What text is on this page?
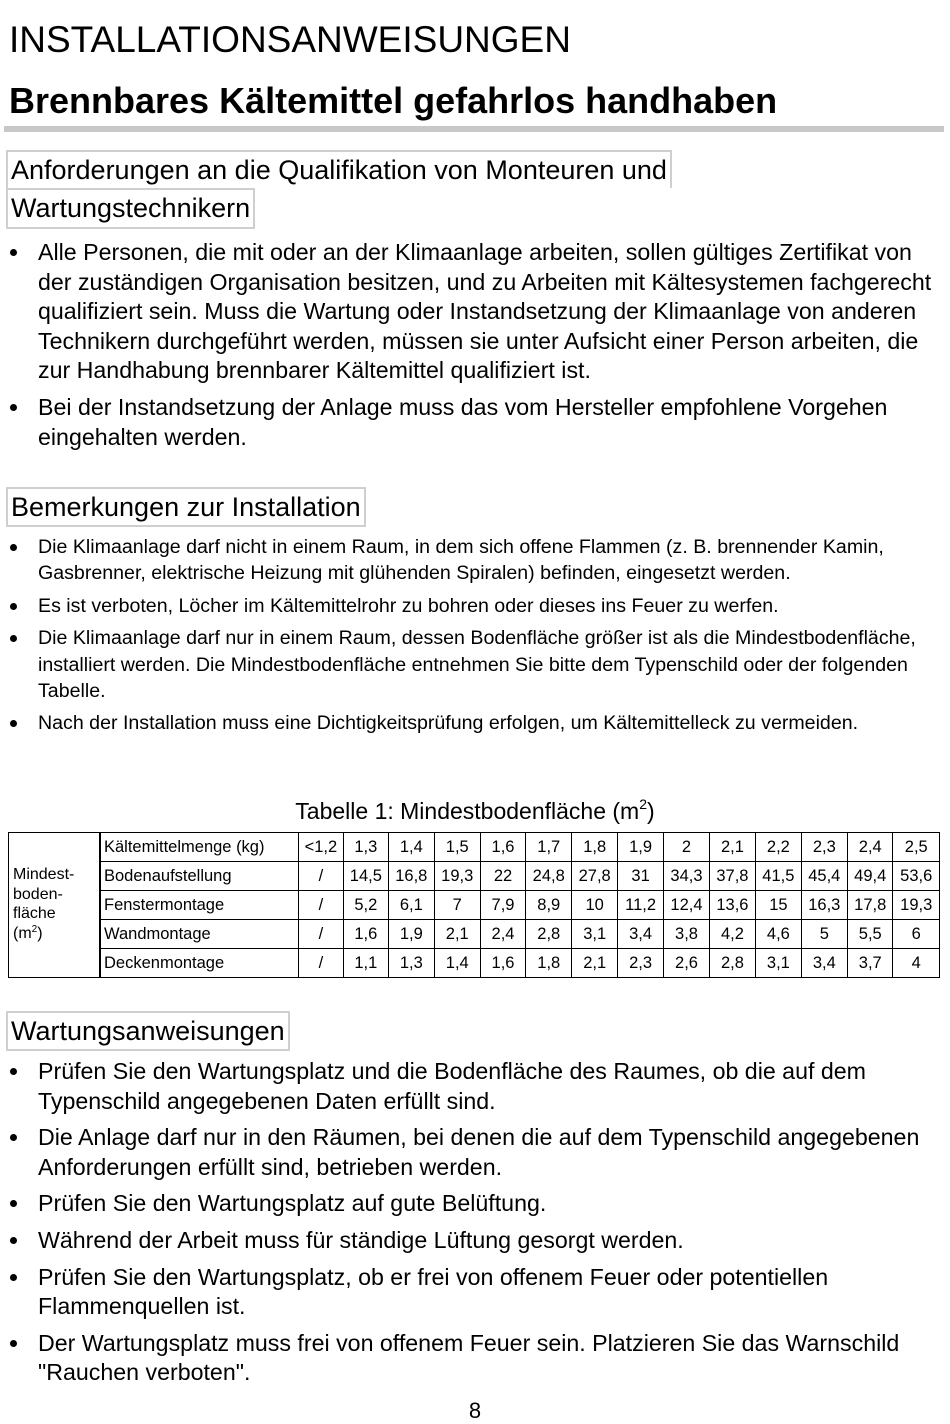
INSTALLATIONSANWEISUNGEN
Brennbares Kältemittel gefahrlos handhaben
Anforderungen an die Qualifikation von Monteuren und
Wartungstechnikern
Alle Personen, die mit oder an der Klimaanlage arbeiten, sollen gültiges Zertifikat von der zuständigen Organisation besitzen, und zu Arbeiten mit Kältesystemen fachgerecht qualifiziert sein. Muss die Wartung oder Instandsetzung der Klimaanlage von anderen Technikern durchgeführt werden, müssen sie unter Aufsicht einer Person arbeiten, die zur Handhabung brennbarer Kältemittel qualifiziert ist.
Bei der Instandsetzung der Anlage muss das vom Hersteller empfohlene Vorgehen eingehalten werden.
Bemerkungen zur Installation
Die Klimaanlage darf nicht in einem Raum, in dem sich offene Flammen (z. B. brennender Kamin, Gasbrenner, elektrische Heizung mit glühenden Spiralen) befinden, eingesetzt werden.
Es ist verboten, Löcher im Kältemittelrohr zu bohren oder dieses ins Feuer zu werfen.
Die Klimaanlage darf nur in einem Raum, dessen Bodenfläche größer ist als die Mindestbodenfläche, installiert werden. Die Mindestbodenfläche entnehmen Sie bitte dem Typenschild oder der folgenden Tabelle.
Nach der Installation muss eine Dichtigkeitsprüfung erfolgen, um Kältemittelleck zu vermeiden.
Tabelle 1: Mindestbodenfläche $(m^2)$
Mindest-
boden-
fläche
$(m^2)$
Kältemittelmenge (kg)	<1,2	1,3	1,4	1,5	1,6	1,7	1,8	1,9	2	2,1	2,2	2,3	2,4	2,5
Bodenaufstellung	/	14,5	16,8	19,3	22	24,8	27,8	31	34,3	37,8	41,5	45,4	49,4	53,6
Fenstermontage	/	5,2	6,1	7	7,9	8,9	10	11,2	12,4	13,6	15	16,3	17,8	19,3
Wandmontage	/	1,6	1,9	2,1	2,4	2,8	3,1	3,4	3,8	4,2	4,6	5	5,5	6
Deckenmontage	/	1,1	1,3	1,4	1,6	1,8	2,1	2,3	2,6	2,8	3,1	3,4	3,7	4
Wartungsanweisungen
Prüfen Sie den Wartungsplatz und die Bodenfläche des Raumes, ob die auf dem Typenschild angegebenen Daten erfüllt sind.
Die Anlage darf nur in den Räumen, bei denen die auf dem Typenschild angegebenen Anforderungen erfüllt sind, betrieben werden.
Prüfen Sie den Wartungsplatz auf gute Belüftung.
Während der Arbeit muss für ständige Lüftung gesorgt werden.
Prüfen Sie den Wartungsplatz, ob er frei von offenem Feuer oder potentiellen Flammenquellen ist.
Der Wartungsplatz muss frei von offenem Feuer sein. Platzieren Sie das Warnschild "Rauchen verboten".
8
